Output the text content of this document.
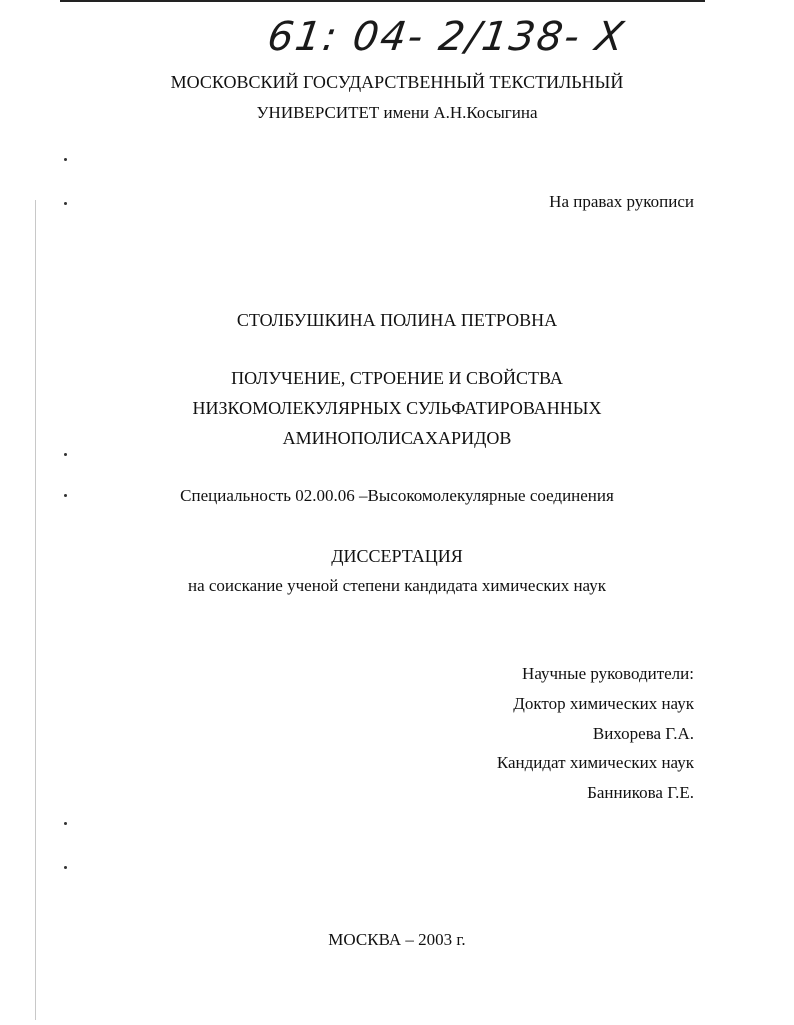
61: 04- 2/138- X
МОСКОВСКИЙ ГОСУДАРСТВЕННЫЙ ТЕКСТИЛЬНЫЙ
УНИВЕРСИТЕТ имени А.Н.Косыгина
На правах рукописи
СТОЛБУШКИНА ПОЛИНА ПЕТРОВНА
ПОЛУЧЕНИЕ, СТРОЕНИЕ И СВОЙСТВА
НИЗКОМОЛЕКУЛЯРНЫХ СУЛЬФАТИРОВАННЫХ
АМИНОПОЛИСАХАРИДОВ
Специальность 02.00.06 –Высокомолекулярные соединения
ДИССЕРТАЦИЯ
на соискание ученой степени кандидата химических наук
Научные руководители:
Доктор химических наук
Вихорева Г.А.
Кандидат химических наук
Банникова Г.Е.
МОСКВА – 2003 г.
